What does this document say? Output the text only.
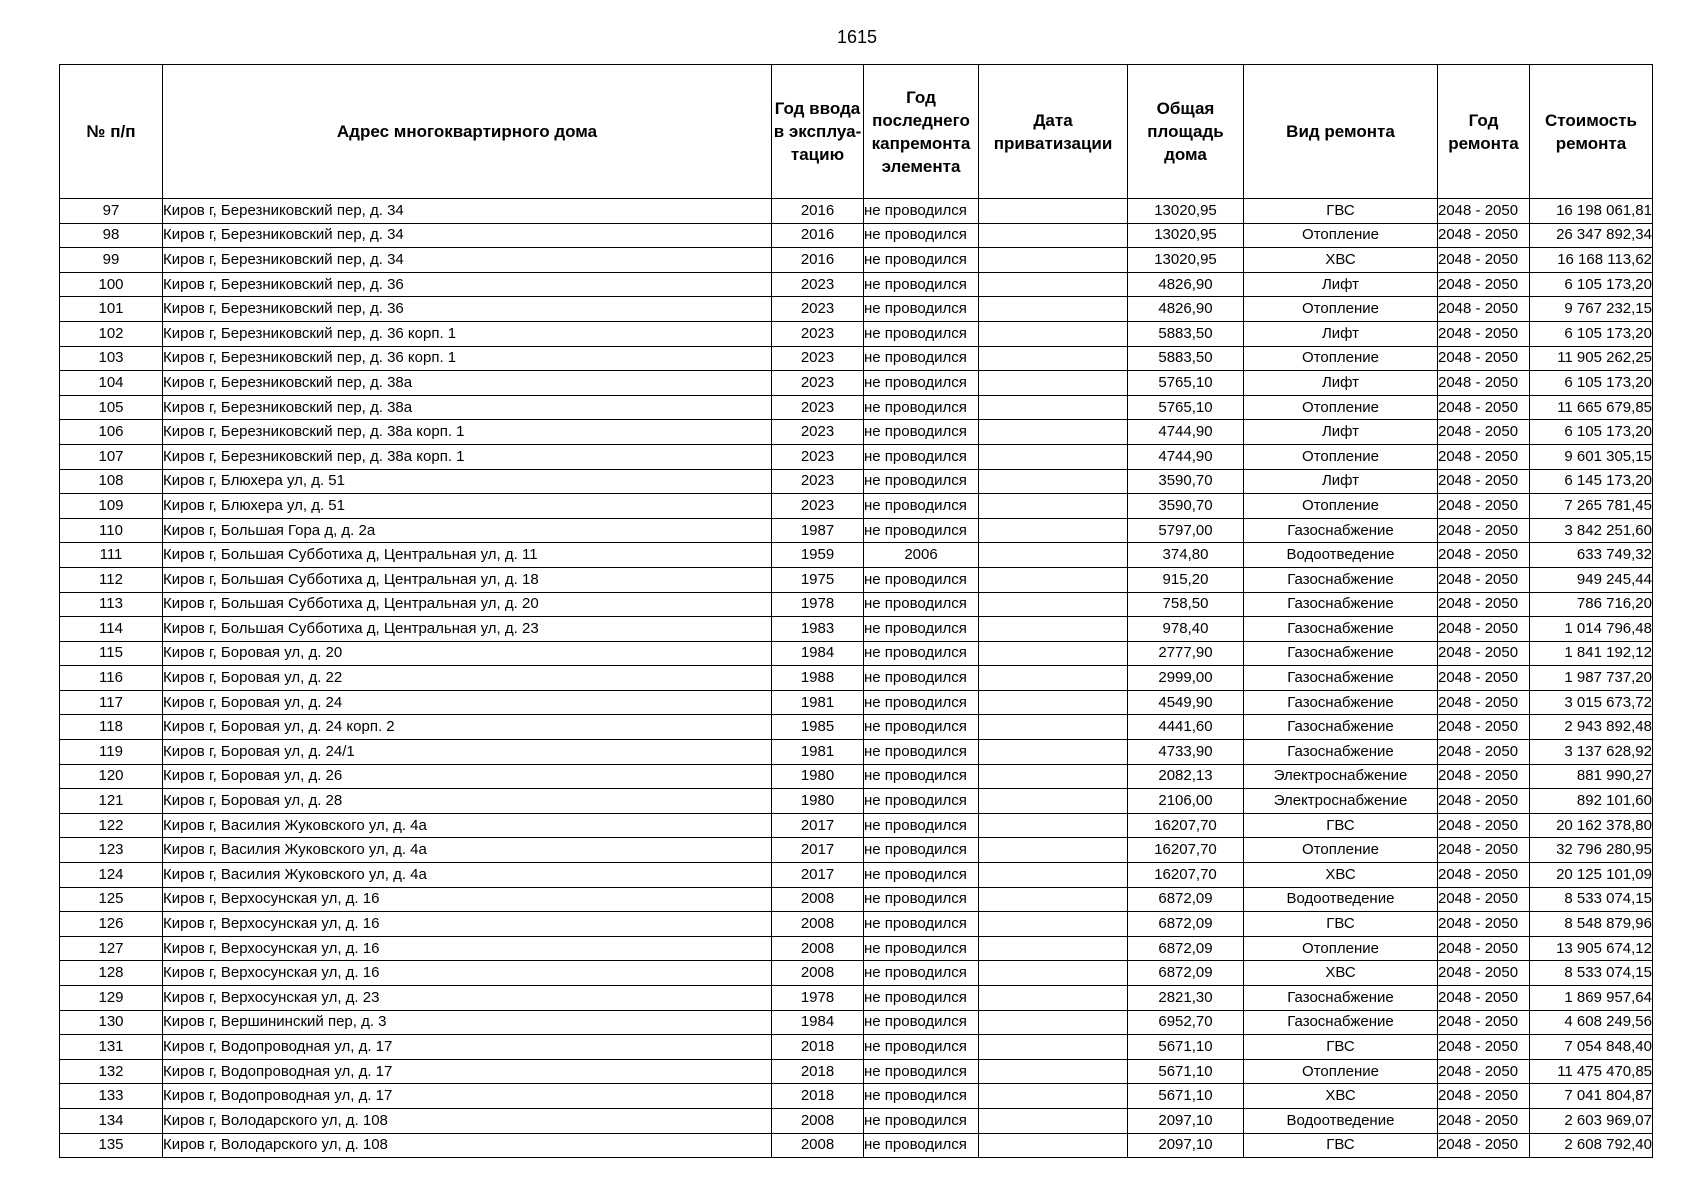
1615
№ п/п	Адрес многоквартирного дома	Год ввода в эксплуа- тацию	Год последнего капремонта элемента	Дата приватизации	Общая площадь дома	Вид ремонта	Год ремонта	Стоимость ремонта
97	Киров г, Березниковский пер, д. 34	2016	не проводился		13020,95	ГВС	2048 - 2050	16 198 061,81
98	Киров г, Березниковский пер, д. 34	2016	не проводился		13020,95	Отопление	2048 - 2050	26 347 892,34
99	Киров г, Березниковский пер, д. 34	2016	не проводился		13020,95	ХВС	2048 - 2050	16 168 113,62
100	Киров г, Березниковский пер, д. 36	2023	не проводился		4826,90	Лифт	2048 - 2050	6 105 173,20
101	Киров г, Березниковский пер, д. 36	2023	не проводился		4826,90	Отопление	2048 - 2050	9 767 232,15
102	Киров г, Березниковский пер, д. 36 корп. 1	2023	не проводился		5883,50	Лифт	2048 - 2050	6 105 173,20
103	Киров г, Березниковский пер, д. 36 корп. 1	2023	не проводился		5883,50	Отопление	2048 - 2050	11 905 262,25
104	Киров г, Березниковский пер, д. 38а	2023	не проводился		5765,10	Лифт	2048 - 2050	6 105 173,20
105	Киров г, Березниковский пер, д. 38а	2023	не проводился		5765,10	Отопление	2048 - 2050	11 665 679,85
106	Киров г, Березниковский пер, д. 38а корп. 1	2023	не проводился		4744,90	Лифт	2048 - 2050	6 105 173,20
107	Киров г, Березниковский пер, д. 38а корп. 1	2023	не проводился		4744,90	Отопление	2048 - 2050	9 601 305,15
108	Киров г, Блюхера ул, д. 51	2023	не проводился		3590,70	Лифт	2048 - 2050	6 145 173,20
109	Киров г, Блюхера ул, д. 51	2023	не проводился		3590,70	Отопление	2048 - 2050	7 265 781,45
110	Киров г, Большая Гора д, д. 2а	1987	не проводился		5797,00	Газоснабжение	2048 - 2050	3 842 251,60
111	Киров г, Большая Субботиха д, Центральная ул, д. 11	1959	2006		374,80	Водоотведение	2048 - 2050	633 749,32
112	Киров г, Большая Субботиха д, Центральная ул, д. 18	1975	не проводился		915,20	Газоснабжение	2048 - 2050	949 245,44
113	Киров г, Большая Субботиха д, Центральная ул, д. 20	1978	не проводился		758,50	Газоснабжение	2048 - 2050	786 716,20
114	Киров г, Большая Субботиха д, Центральная ул, д. 23	1983	не проводился		978,40	Газоснабжение	2048 - 2050	1 014 796,48
115	Киров г, Боровая ул, д. 20	1984	не проводился		2777,90	Газоснабжение	2048 - 2050	1 841 192,12
116	Киров г, Боровая ул, д. 22	1988	не проводился		2999,00	Газоснабжение	2048 - 2050	1 987 737,20
117	Киров г, Боровая ул, д. 24	1981	не проводился		4549,90	Газоснабжение	2048 - 2050	3 015 673,72
118	Киров г, Боровая ул, д. 24 корп. 2	1985	не проводился		4441,60	Газоснабжение	2048 - 2050	2 943 892,48
119	Киров г, Боровая ул, д. 24/1	1981	не проводился		4733,90	Газоснабжение	2048 - 2050	3 137 628,92
120	Киров г, Боровая ул, д. 26	1980	не проводился		2082,13	Электроснабжение	2048 - 2050	881 990,27
121	Киров г, Боровая ул, д. 28	1980	не проводился		2106,00	Электроснабжение	2048 - 2050	892 101,60
122	Киров г, Василия Жуковского ул, д. 4а	2017	не проводился		16207,70	ГВС	2048 - 2050	20 162 378,80
123	Киров г, Василия Жуковского ул, д. 4а	2017	не проводился		16207,70	Отопление	2048 - 2050	32 796 280,95
124	Киров г, Василия Жуковского ул, д. 4а	2017	не проводился		16207,70	ХВС	2048 - 2050	20 125 101,09
125	Киров г, Верхосунская ул, д. 16	2008	не проводился		6872,09	Водоотведение	2048 - 2050	8 533 074,15
126	Киров г, Верхосунская ул, д. 16	2008	не проводился		6872,09	ГВС	2048 - 2050	8 548 879,96
127	Киров г, Верхосунская ул, д. 16	2008	не проводился		6872,09	Отопление	2048 - 2050	13 905 674,12
128	Киров г, Верхосунская ул, д. 16	2008	не проводился		6872,09	ХВС	2048 - 2050	8 533 074,15
129	Киров г, Верхосунская ул, д. 23	1978	не проводился		2821,30	Газоснабжение	2048 - 2050	1 869 957,64
130	Киров г, Вершининский пер, д. 3	1984	не проводился		6952,70	Газоснабжение	2048 - 2050	4 608 249,56
131	Киров г, Водопроводная ул, д. 17	2018	не проводился		5671,10	ГВС	2048 - 2050	7 054 848,40
132	Киров г, Водопроводная ул, д. 17	2018	не проводился		5671,10	Отопление	2048 - 2050	11 475 470,85
133	Киров г, Водопроводная ул, д. 17	2018	не проводился		5671,10	ХВС	2048 - 2050	7 041 804,87
134	Киров г, Володарского ул, д. 108	2008	не проводился		2097,10	Водоотведение	2048 - 2050	2 603 969,07
135	Киров г, Володарского ул, д. 108	2008	не проводился		2097,10	ГВС	2048 - 2050	2 608 792,40
